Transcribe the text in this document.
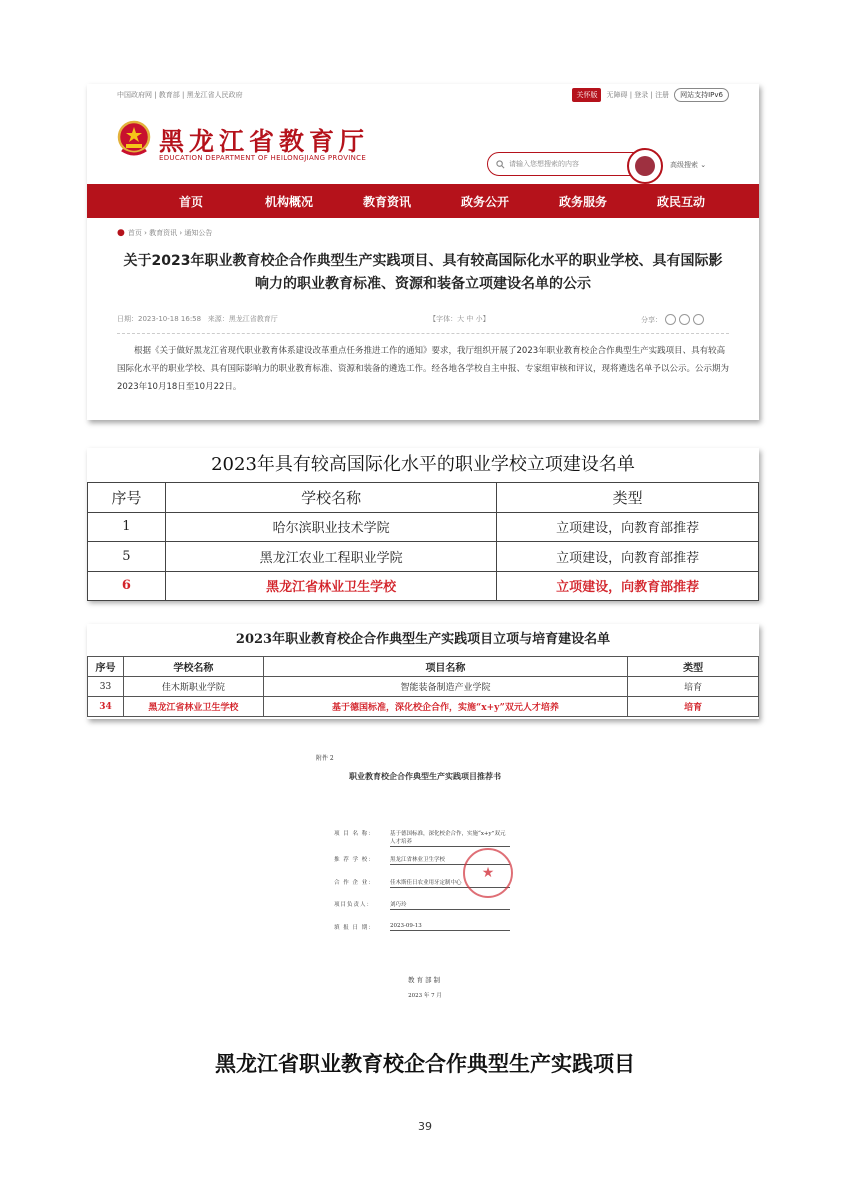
中国政府网 | 教育部 | 黑龙江省人民政府	关怀版	无障碍 | 登录 | 注册	网站支持IPv6
黑龙江省教育厅
EDUCATION DEPARTMENT OF HEILONGJIANG PROVINCE
请输入您想搜索的内容	高级搜索 ⌄
首页	机构概况	教育资讯	政务公开	政务服务	政民互动
● 首页 › 教育资讯 › 通知公告
关于2023年职业教育校企合作典型生产实践项目、具有较高国际化水平的职业学校、具有国际影响力的职业教育标准、资源和装备立项建设名单的公示
日期：2023-10-18 16:58 来源：黑龙江省教育厅	【字体：大 中 小】	分享：
根据《关于做好黑龙江省现代职业教育体系建设改革重点任务推进工作的通知》要求，我厅组织开展了2023年职业教育校企合作典型生产实践项目、具有较高国际化水平的职业学校、具有国际影响力的职业教育标准、资源和装备的遴选工作。经各地各学校自主申报、专家组审核和评议，现将遴选名单予以公示。公示期为2023年10月18日至10月22日。
2023年具有较高国际化水平的职业学校立项建设名单
序号	学校名称	类型
1	哈尔滨职业技术学院	立项建设，向教育部推荐
5	黑龙江农业工程职业学院	立项建设，向教育部推荐
6	黑龙江省林业卫生学校	立项建设，向教育部推荐
2023年职业教育校企合作典型生产实践项目立项与培育建设名单
序号	学校名称	项目名称	类型
33	佳木斯职业学院	智能装备制造产业学院	培育
34	黑龙江省林业卫生学校	基于德国标准，深化校企合作，实施“x+y”双元人才培养	培育
附件 2
职业教育校企合作典型生产实践项目推荐书
项 目 名 称：	基于德国标准，深化校企合作，实施“x+y”双元人才培养
推 荐 学 校：	黑龙江省林业卫生学校
合 作 企 业：	佳木斯佳日农业用牙定制中心
项目负责人：	刘巧玲
填 报 日 期：	2023-09-13
★
教育部制
2023 年 7 月
黑龙江省职业教育校企合作典型生产实践项目
39
